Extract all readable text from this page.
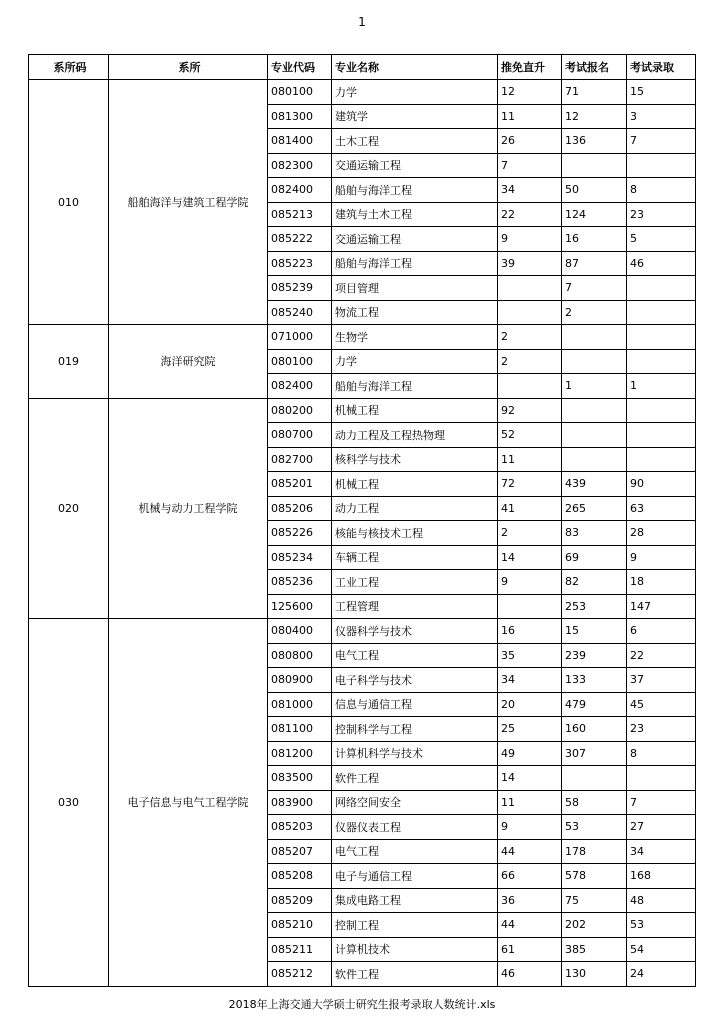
1
系所码	系所	专业代码	专业名称	推免直升	考试报名	考试录取
010	船舶海洋与建筑工程学院	080100	力学	12	71	15
		081300	建筑学	11	12	3
		081400	土木工程	26	136	7
		082300	交通运输工程	7		
		082400	船舶与海洋工程	34	50	8
		085213	建筑与土木工程	22	124	23
		085222	交通运输工程	9	16	5
		085223	船舶与海洋工程	39	87	46
		085239	项目管理		7	
		085240	物流工程		2	
019	海洋研究院	071000	生物学	2		
		080100	力学	2		
		082400	船舶与海洋工程		1	1
020	机械与动力工程学院	080200	机械工程	92		
		080700	动力工程及工程热物理	52		
		082700	核科学与技术	11		
		085201	机械工程	72	439	90
		085206	动力工程	41	265	63
		085226	核能与核技术工程	2	83	28
		085234	车辆工程	14	69	9
		085236	工业工程	9	82	18
		125600	工程管理		253	147
030	电子信息与电气工程学院	080400	仪器科学与技术	16	15	6
		080800	电气工程	35	239	22
		080900	电子科学与技术	34	133	37
		081000	信息与通信工程	20	479	45
		081100	控制科学与工程	25	160	23
		081200	计算机科学与技术	49	307	8
		083500	软件工程	14		
		083900	网络空间安全	11	58	7
		085203	仪器仪表工程	9	53	27
		085207	电气工程	44	178	34
		085208	电子与通信工程	66	578	168
		085209	集成电路工程	36	75	48
		085210	控制工程	44	202	53
		085211	计算机技术	61	385	54
		085212	软件工程	46	130	24
2018年上海交通大学硕士研究生报考录取人数统计.xls
